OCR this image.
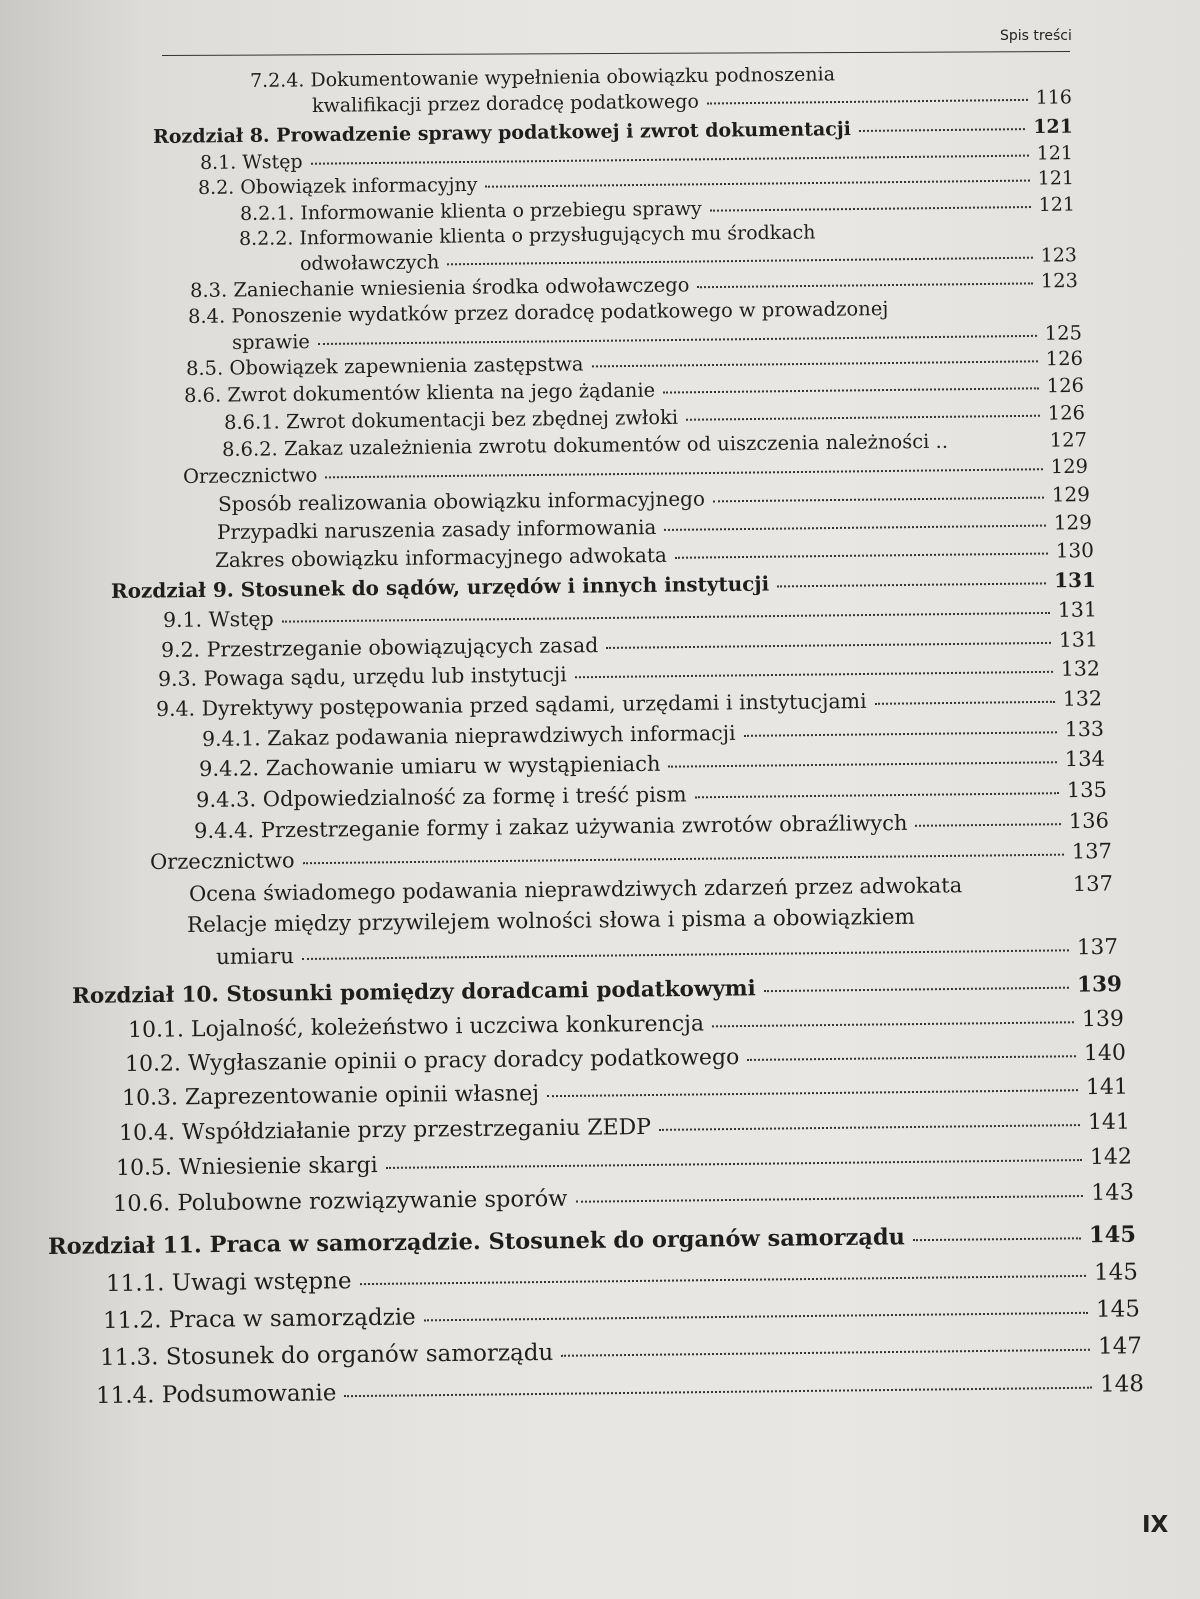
Spis treści
7.2.4. Dokumentowanie wypełnienia obowiązku podnoszenia
kwalifikacji przez doradcę podatkowego	116
Rozdział 8. Prowadzenie sprawy podatkowej i zwrot dokumentacji	121
8.1. Wstęp	121
8.2. Obowiązek informacyjny	121
8.2.1. Informowanie klienta o przebiegu sprawy	121
8.2.2. Informowanie klienta o przysługujących mu środkach
odwoławczych	123
8.3. Zaniechanie wniesienia środka odwoławczego	123
8.4. Ponoszenie wydatków przez doradcę podatkowego w prowadzonej
sprawie	125
8.5. Obowiązek zapewnienia zastępstwa	126
8.6. Zwrot dokumentów klienta na jego żądanie	126
8.6.1. Zwrot dokumentacji bez zbędnej zwłoki	126
8.6.2. Zakaz uzależnienia zwrotu dokumentów od uiszczenia należności ..	127
Orzecznictwo	129
Sposób realizowania obowiązku informacyjnego	129
Przypadki naruszenia zasady informowania	129
Zakres obowiązku informacyjnego adwokata	130
Rozdział 9. Stosunek do sądów, urzędów i innych instytucji	131
9.1. Wstęp	131
9.2. Przestrzeganie obowiązujących zasad	131
9.3. Powaga sądu, urzędu lub instytucji	132
9.4. Dyrektywy postępowania przed sądami, urzędami i instytucjami	132
9.4.1. Zakaz podawania nieprawdziwych informacji	133
9.4.2. Zachowanie umiaru w wystąpieniach	134
9.4.3. Odpowiedzialność za formę i treść pism	135
9.4.4. Przestrzeganie formy i zakaz używania zwrotów obraźliwych	136
Orzecznictwo	137
Ocena świadomego podawania nieprawdziwych zdarzeń przez adwokata	137
Relacje między przywilejem wolności słowa i pisma a obowiązkiem
umiaru	137
Rozdział 10. Stosunki pomiędzy doradcami podatkowymi	139
10.1. Lojalność, koleżeństwo i uczciwa konkurencja	139
10.2. Wygłaszanie opinii o pracy doradcy podatkowego	140
10.3. Zaprezentowanie opinii własnej	141
10.4. Współdziałanie przy przestrzeganiu ZEDP	141
10.5. Wniesienie skargi	142
10.6. Polubowne rozwiązywanie sporów	143
Rozdział 11. Praca w samorządzie. Stosunek do organów samorządu	145
11.1. Uwagi wstępne	145
11.2. Praca w samorządzie	145
11.3. Stosunek do organów samorządu	147
11.4. Podsumowanie	148
IX
